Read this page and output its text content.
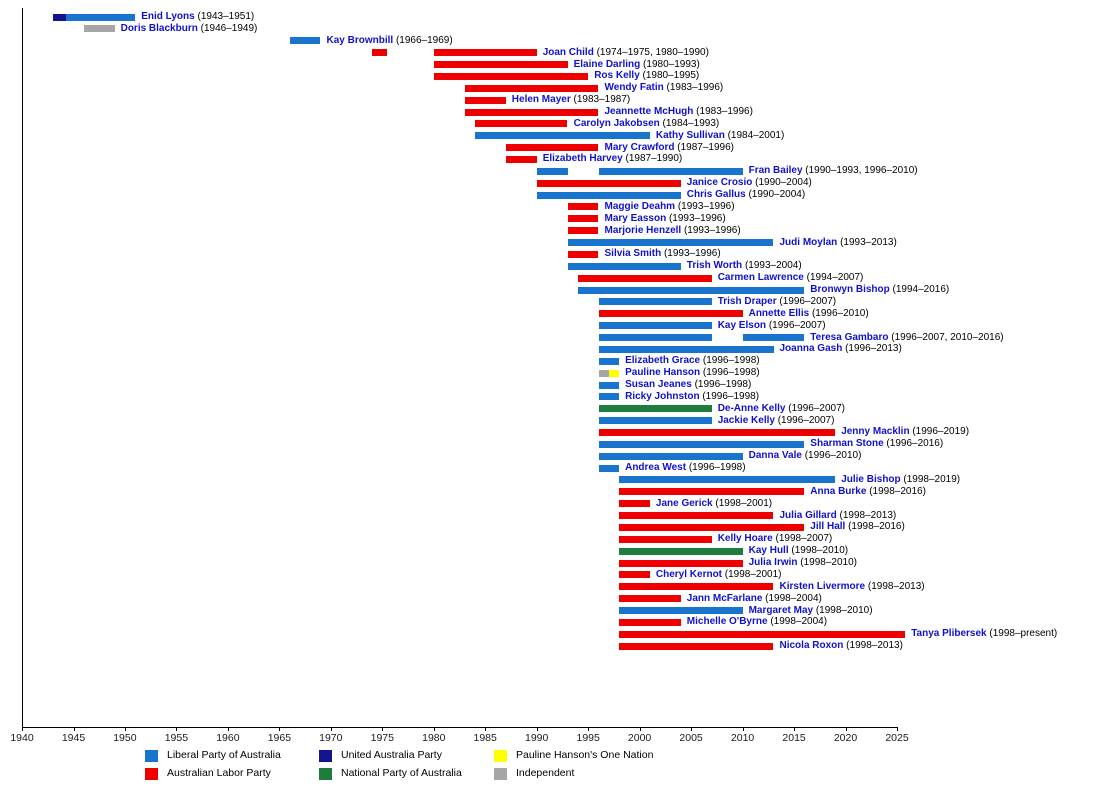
Enid Lyons (1943–1951)
Doris Blackburn (1946–1949)
Kay Brownbill (1966–1969)
Joan Child (1974–1975, 1980–1990)
Elaine Darling (1980–1993)
Ros Kelly (1980–1995)
Wendy Fatin (1983–1996)
Helen Mayer (1983–1987)
Jeannette McHugh (1983–1996)
Carolyn Jakobsen (1984–1993)
Kathy Sullivan (1984–2001)
Mary Crawford (1987–1996)
Elizabeth Harvey (1987–1990)
Fran Bailey (1990–1993, 1996–2010)
Janice Crosio (1990–2004)
Chris Gallus (1990–2004)
Maggie Deahm (1993–1996)
Mary Easson (1993–1996)
Marjorie Henzell (1993–1996)
Judi Moylan (1993–2013)
Silvia Smith (1993–1996)
Trish Worth (1993–2004)
Carmen Lawrence (1994–2007)
Bronwyn Bishop (1994–2016)
Trish Draper (1996–2007)
Annette Ellis (1996–2010)
Kay Elson (1996–2007)
Teresa Gambaro (1996–2007, 2010–2016)
Joanna Gash (1996–2013)
Elizabeth Grace (1996–1998)
Pauline Hanson (1996–1998)
Susan Jeanes (1996–1998)
Ricky Johnston (1996–1998)
De-Anne Kelly (1996–2007)
Jackie Kelly (1996–2007)
Jenny Macklin (1996–2019)
Sharman Stone (1996–2016)
Danna Vale (1996–2010)
Andrea West (1996–1998)
Julie Bishop (1998–2019)
Anna Burke (1998–2016)
Jane Gerick (1998–2001)
Julia Gillard (1998–2013)
Jill Hall (1998–2016)
Kelly Hoare (1998–2007)
Kay Hull (1998–2010)
Julia Irwin (1998–2010)
Cheryl Kernot (1998–2001)
Kirsten Livermore (1998–2013)
Jann McFarlane (1998–2004)
Margaret May (1998–2010)
Michelle O'Byrne (1998–2004)
Tanya Plibersek (1998–present)
Nicola Roxon (1998–2013)
1940	1945	1950	1955	1960	1965	1970	1975	1980	1985	1990	1995	2000	2005	2010	2015	2020	2025
Liberal Party of Australia
Australian Labor Party
United Australia Party
National Party of Australia
Pauline Hanson's One Nation
Independent
